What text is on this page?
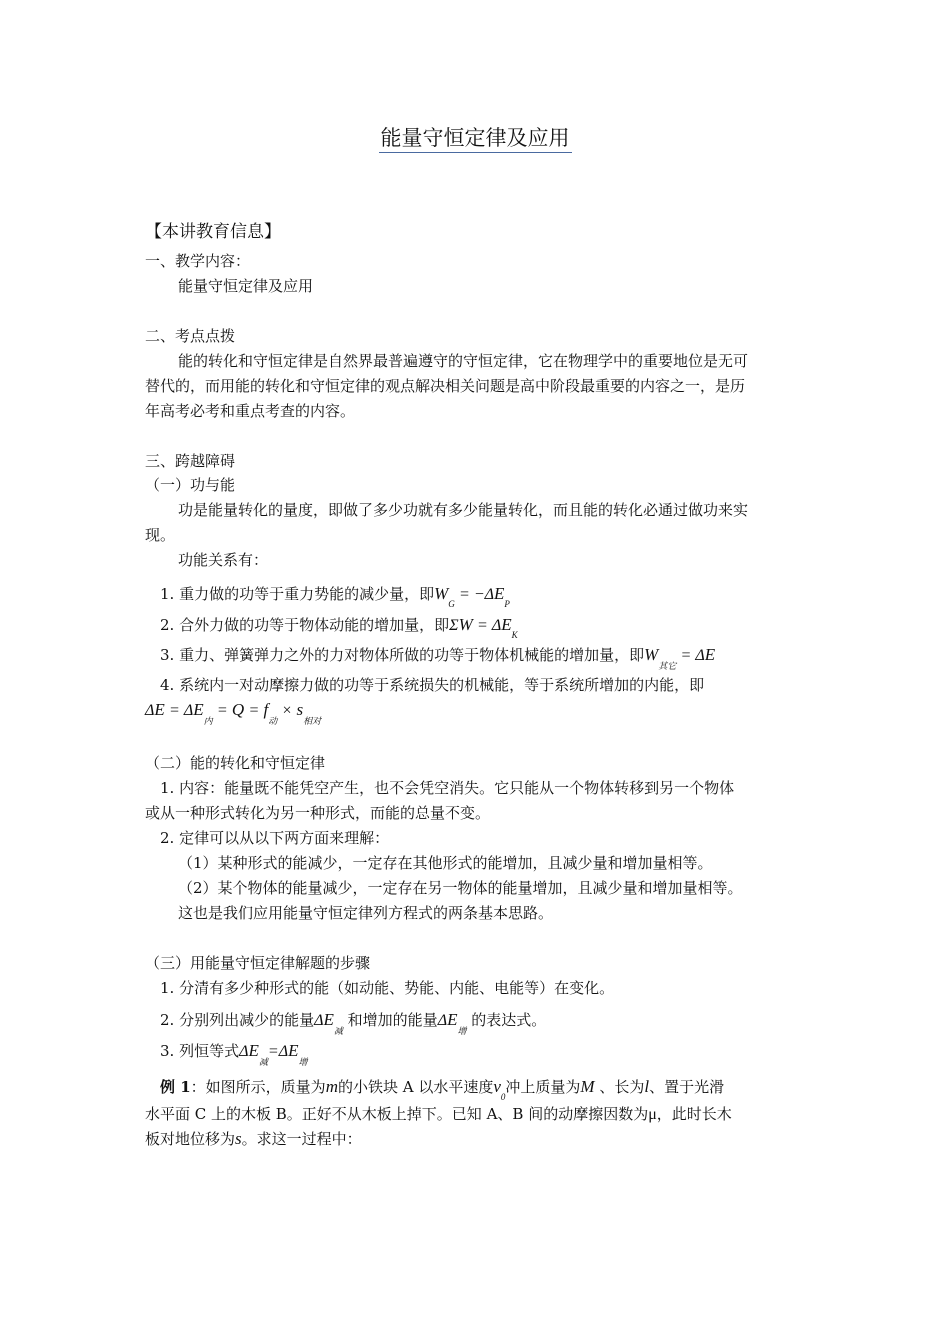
能量守恒定律及应用
【本讲教育信息】
一、教学内容：
能量守恒定律及应用
二、考点点拨
能的转化和守恒定律是自然界最普遍遵守的守恒定律，它在物理学中的重要地位是无可
替代的，而用能的转化和守恒定律的观点解决相关问题是高中阶段最重要的内容之一，是历
年高考必考和重点考查的内容。
三、跨越障碍
（一）功与能
功是能量转化的量度，即做了多少功就有多少能量转化，而且能的转化必通过做功来实
现。
功能关系有：
1. 重力做的功等于重力势能的减少量，即$W_G = -\Delta E_P$
2. 合外力做的功等于物体动能的增加量，即$\Sigma W = \Delta E_K$
3. 重力、弹簧弹力之外的力对物体所做的功等于物体机械能的增加量，即$W_{其它} = \Delta E$
4. 系统内一对动摩擦力做的功等于系统损失的机械能，等于系统所增加的内能，即
$\Delta E = \Delta E_内 = Q = f_动 \times s_{相对}$
（二）能的转化和守恒定律
1. 内容：能量既不能凭空产生，也不会凭空消失。它只能从一个物体转移到另一个物体
或从一种形式转化为另一种形式，而能的总量不变。
2. 定律可以从以下两方面来理解：
（1）某种形式的能减少，一定存在其他形式的能增加，且减少量和增加量相等。
（2）某个物体的能量减少，一定存在另一物体的能量增加，且减少量和增加量相等。
这也是我们应用能量守恒定律列方程式的两条基本思路。
（三）用能量守恒定律解题的步骤
1. 分清有多少种形式的能（如动能、势能、内能、电能等）在变化。
2. 分别列出减少的能量$\Delta E_减$ 和增加的能量$\Delta E_增$ 的表达式。
3. 列恒等式$\Delta E_减=\Delta E_增$
例 1：如图所示，质量为m的小铁块 A 以水平速度$v_0$冲上质量为M 、长为l、置于光滑
水平面 C 上的木板 B。正好不从木板上掉下。已知 A、B 间的动摩擦因数为μ，此时长木
板对地位移为s。求这一过程中：
